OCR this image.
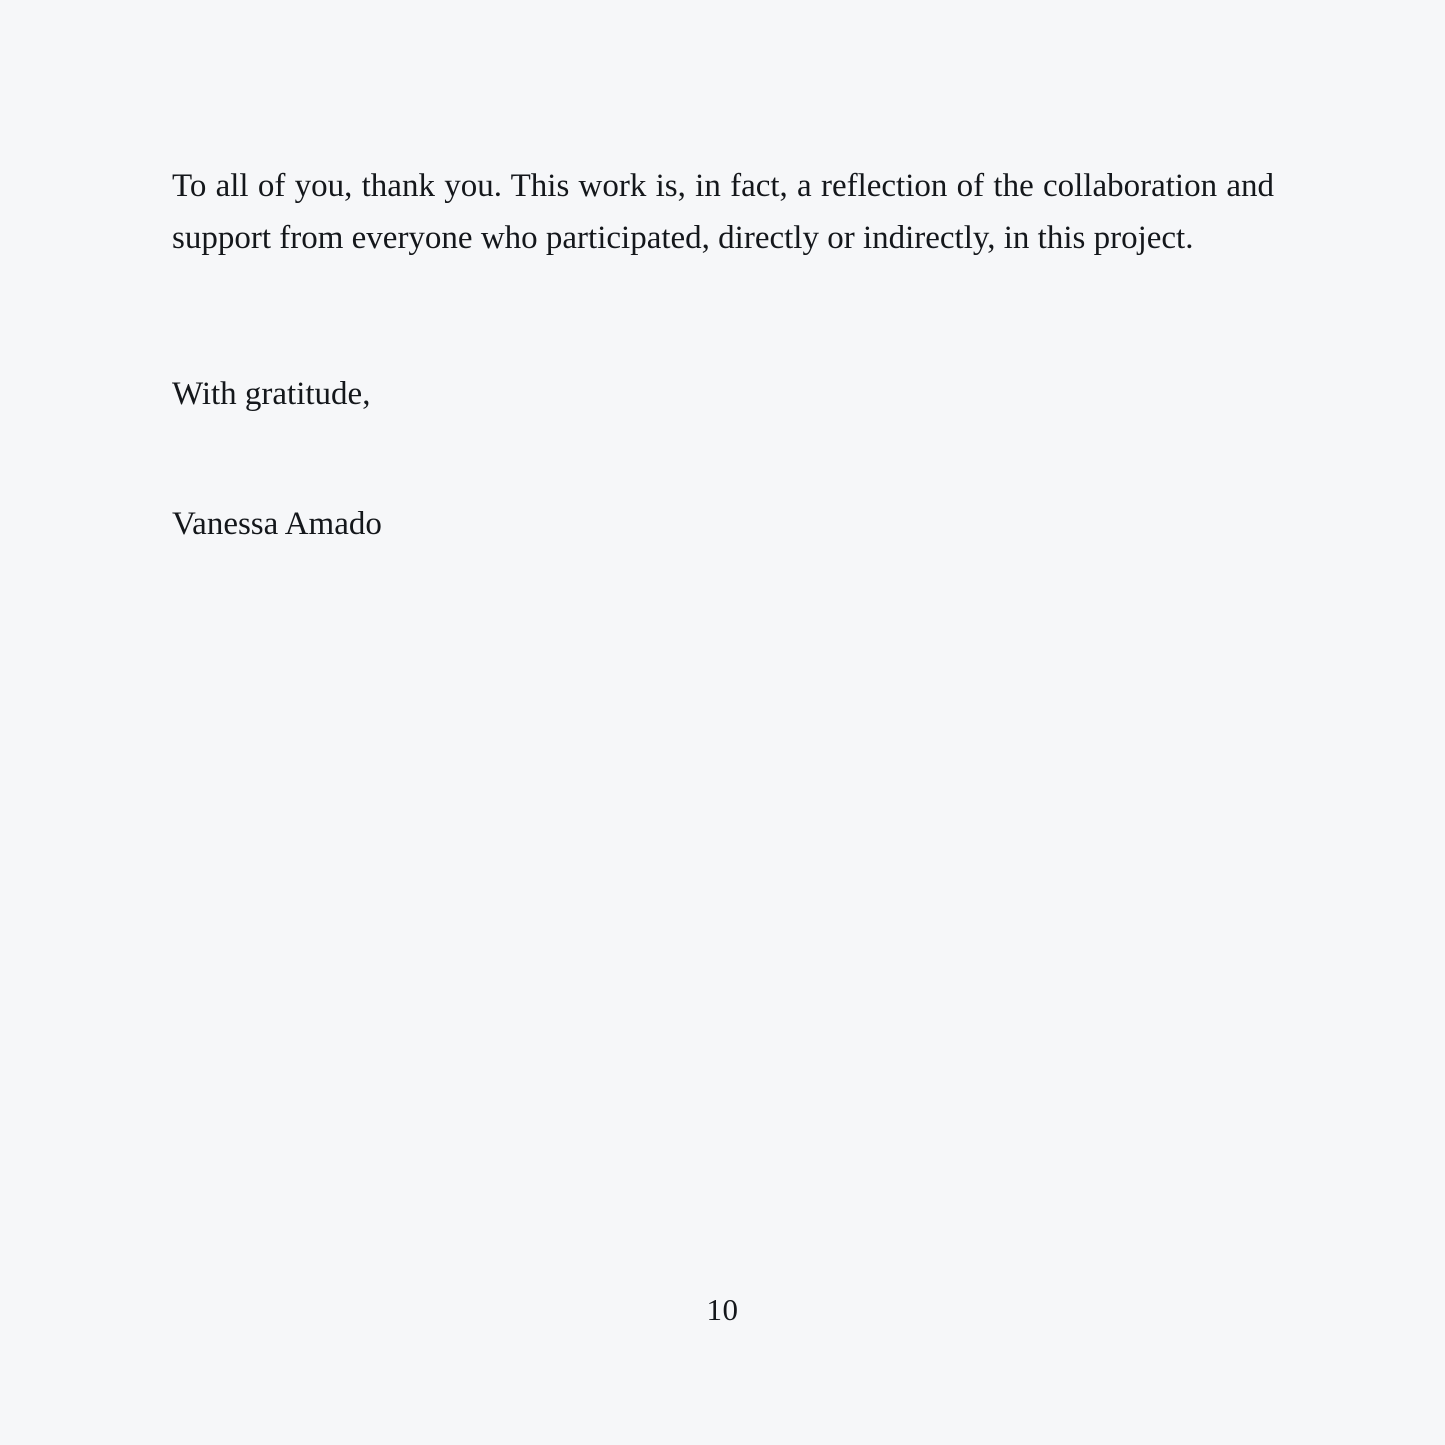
To all of you, thank you. This work is, in fact, a reflection of the collaboration and support from everyone who participated, directly or indirectly, in this project.

With gratitude,

Vanessa Amado

10
